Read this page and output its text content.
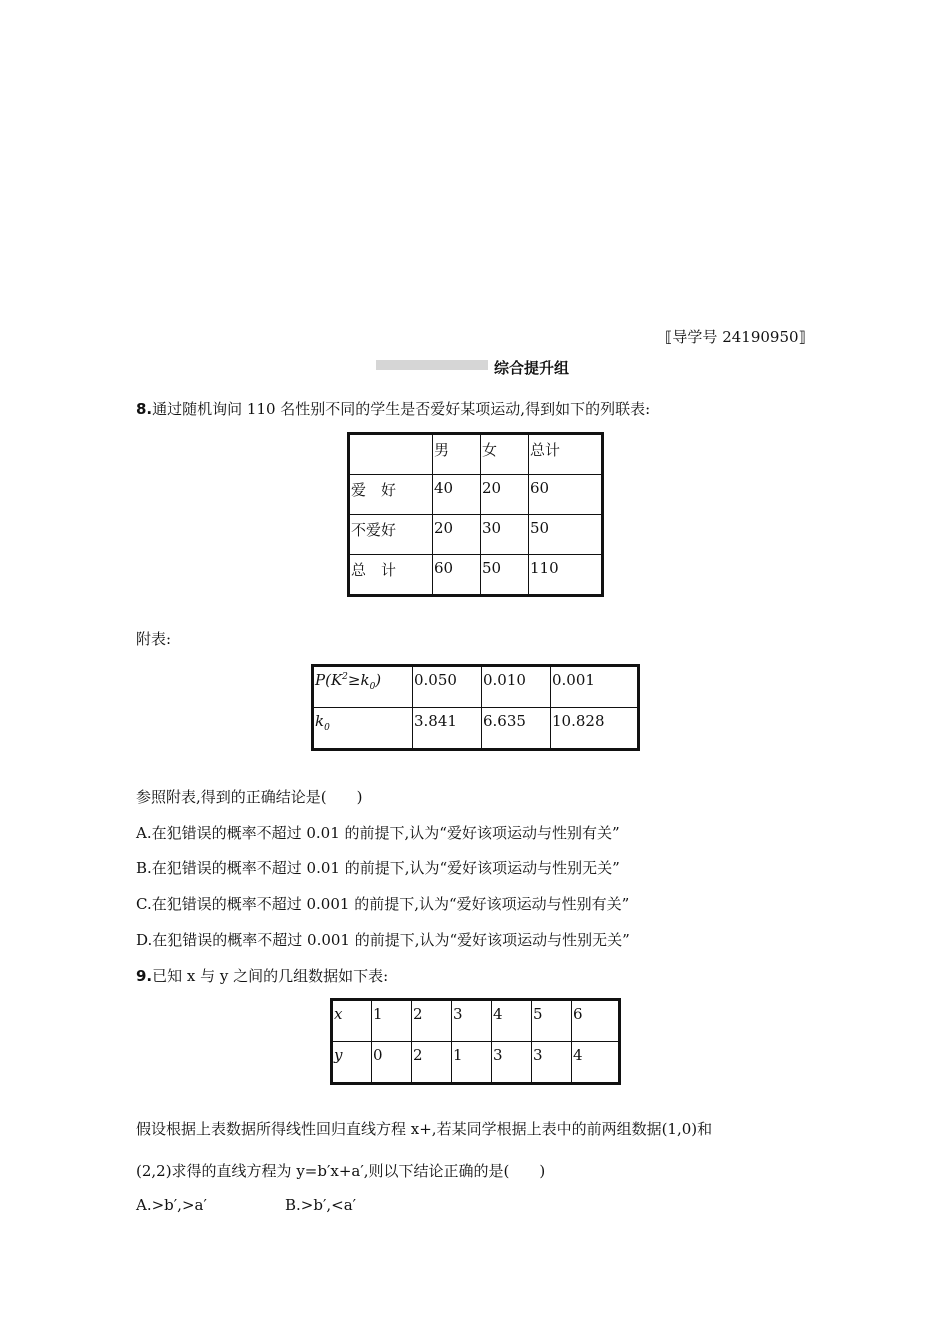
⟦导学号 24190950⟧
综合提升组
8.通过随机询问 110 名性别不同的学生是否爱好某项运动,得到如下的列联表:
	男	女	总计
爱　好	40	20	60
不爱好	20	30	50
总　计	60	50	110
附表:
$P(K^2\ge k_0)$	0.050	0.010	0.001
$k_0$	3.841	6.635	10.828
参照附表,得到的正确结论是(　　)
A.在犯错误的概率不超过 0.01 的前提下,认为“爱好该项运动与性别有关”
B.在犯错误的概率不超过 0.01 的前提下,认为“爱好该项运动与性别无关”
C.在犯错误的概率不超过 0.001 的前提下,认为“爱好该项运动与性别有关”
D.在犯错误的概率不超过 0.001 的前提下,认为“爱好该项运动与性别无关”
9.已知 x 与 y 之间的几组数据如下表:
x	1	2	3	4	5	6
y	0	2	1	3	3	4
假设根据上表数据所得线性回归直线方程 x+,若某同学根据上表中的前两组数据(1,0)和
(2,2)求得的直线方程为 y=b′x+a′,则以下结论正确的是(　　)
A.>b′,>a′	B.>b′,<a′
